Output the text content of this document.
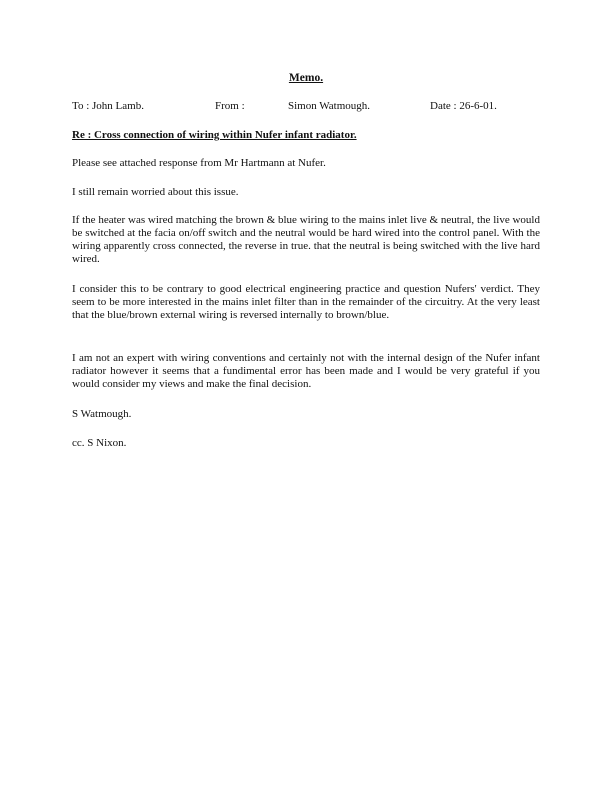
Memo.
To : John Lamb.	From :	Simon Watmough.	Date : 26-6-01.
Re : Cross connection of wiring within Nufer infant radiator.

Please see attached response from Mr Hartmann at Nufer.

I still remain worried about this issue.

If the heater was wired matching the brown & blue wiring to the mains inlet live & neutral, the live would be switched at the facia on/off switch and the neutral would be hard wired into the control panel. With the wiring apparently cross connected, the reverse in true. that the neutral is being switched with the live hard wired.

I consider this to be contrary to good electrical engineering practice and question Nufers' verdict. They seem to be more interested in the mains inlet filter than in the remainder of the circuitry. At the very least that the blue/brown external wiring is reversed internally to brown/blue.

I am not an expert with wiring conventions and certainly not with the internal design of the Nufer infant radiator however it seems that a fundimental error has been made and I would be very grateful if you would consider my views and make the final decision.

S Watmough.

cc. S Nixon.
